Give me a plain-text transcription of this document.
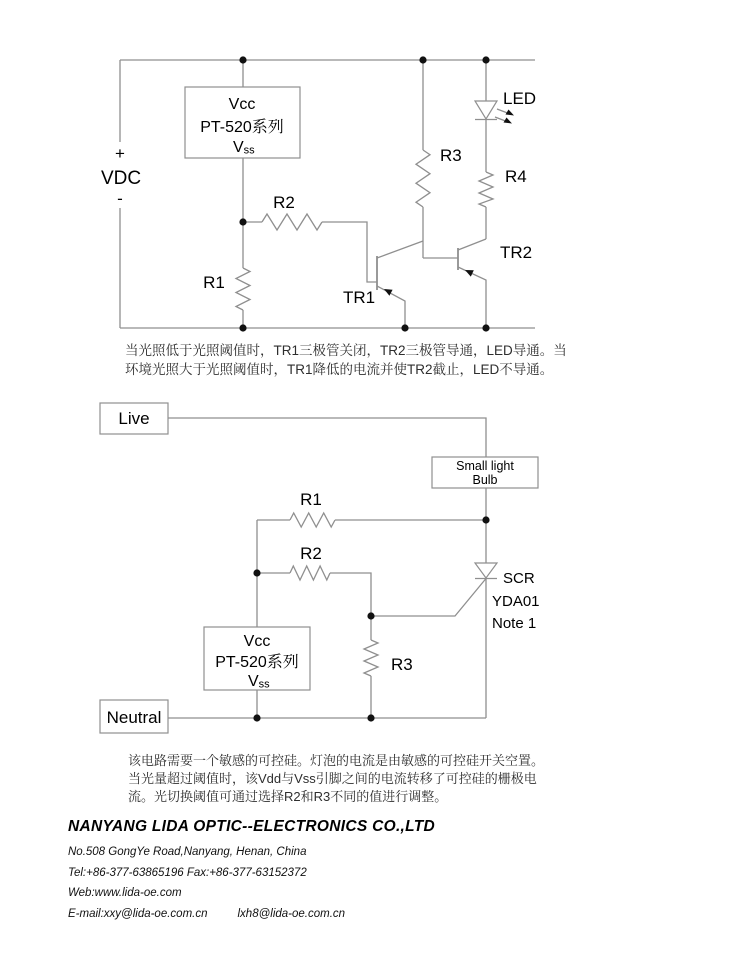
+
VDC
-
Vcc
PT-520系列
Vss
R1
R2
R3
LED
R4
TR1
TR2
Live
Small light
Bulb
R1
R2
Vcc
PT-520系列
Vss
R3
SCR
YDA01
Note 1
Neutral
当光照低于光照阈值时，TR1三极管关闭，TR2三极管导通，LED导通。当
环境光照大于光照阈值时，TR1降低的电流并使TR2截止，LED不导通。
该电路需要一个敏感的可控硅。灯泡的电流是由敏感的可控硅开关空置。
当光量超过阈值时，该Vdd与Vss引脚之间的电流转移了可控硅的栅极电
流。光切换阈值可通过选择R2和R3不同的值进行调整。
NANYANG LIDA OPTIC--ELECTRONICS CO.,LTD
No.508 GongYe Road,Nanyang, Henan, China
Tel:+86-377-63865196 Fax:+86-377-63152372
Web:www.lida-oe.com
E-mail:xxy@lida-oe.com.cn	lxh8@lida-oe.com.cn
